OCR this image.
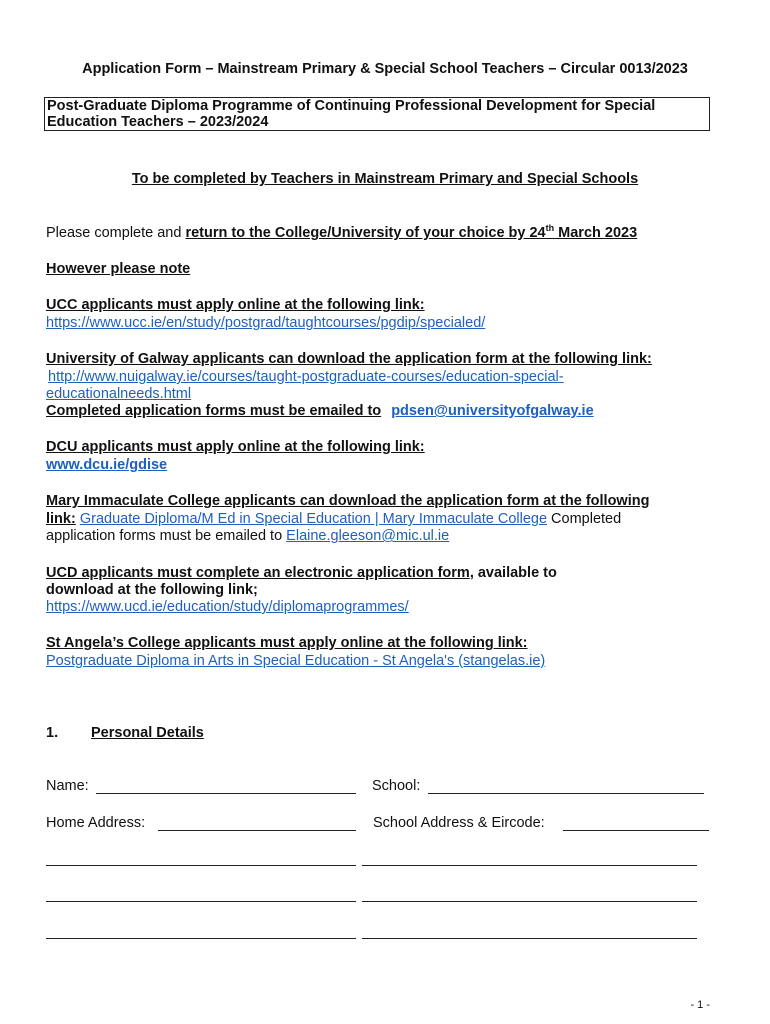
Application Form – Mainstream Primary & Special School Teachers – Circular 0013/2023
Post-Graduate Diploma Programme of Continuing Professional Development for Special
Education Teachers – 2023/2024
To be completed by Teachers in Mainstream Primary and Special Schools
Please complete and return to the College/University of your choice by 24th March 2023
However please note
UCC applicants must apply online at the following link:
https://www.ucc.ie/en/study/postgrad/taughtcourses/pgdip/specialed/
University of Galway applicants can download the application form at the following link:
http://www.nuigalway.ie/courses/taught-postgraduate-courses/education-special-
educationalneeds.html
Completed application forms must be emailed to pdsen@universityofgalway.ie
DCU applicants must apply online at the following link:
www.dcu.ie/gdise
Mary Immaculate College applicants can download the application form at the following
link: Graduate Diploma/M Ed in Special Education | Mary Immaculate College Completed
application forms must be emailed to Elaine.gleeson@mic.ul.ie
UCD applicants must complete an electronic application form, available to
download at the following link;
https://www.ucd.ie/education/study/diplomaprogrammes/
St Angela’s College applicants must apply online at the following link:
Postgraduate Diploma in Arts in Special Education - St Angela's (stangelas.ie)
1. Personal Details
Name:	School:
Home Address:	School Address & Eircode:
- 1 -
